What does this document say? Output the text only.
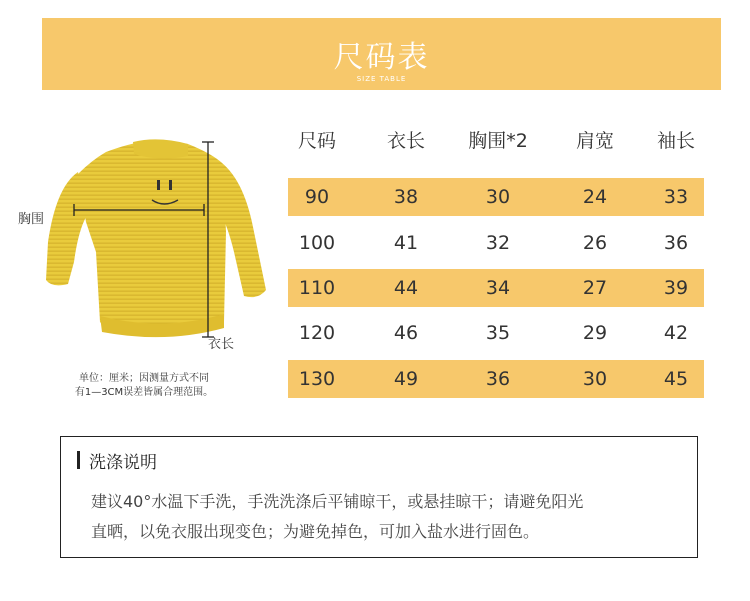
尺码表
SIZE TABLE
胸围
衣长
单位：厘米；因测量方式不同
有1—3CM误差皆属合理范围。
尺码	衣长	胸围*2	肩宽	袖长
90	38	30	24	33
100	41	32	26	36
110	44	34	27	39
120	46	35	29	42
130	49	36	30	45
洗涤说明
建议40°水温下手洗，手洗洗涤后平铺晾干，或悬挂晾干；请避免阳光
直晒，以免衣服出现变色；为避免掉色，可加入盐水进行固色。
